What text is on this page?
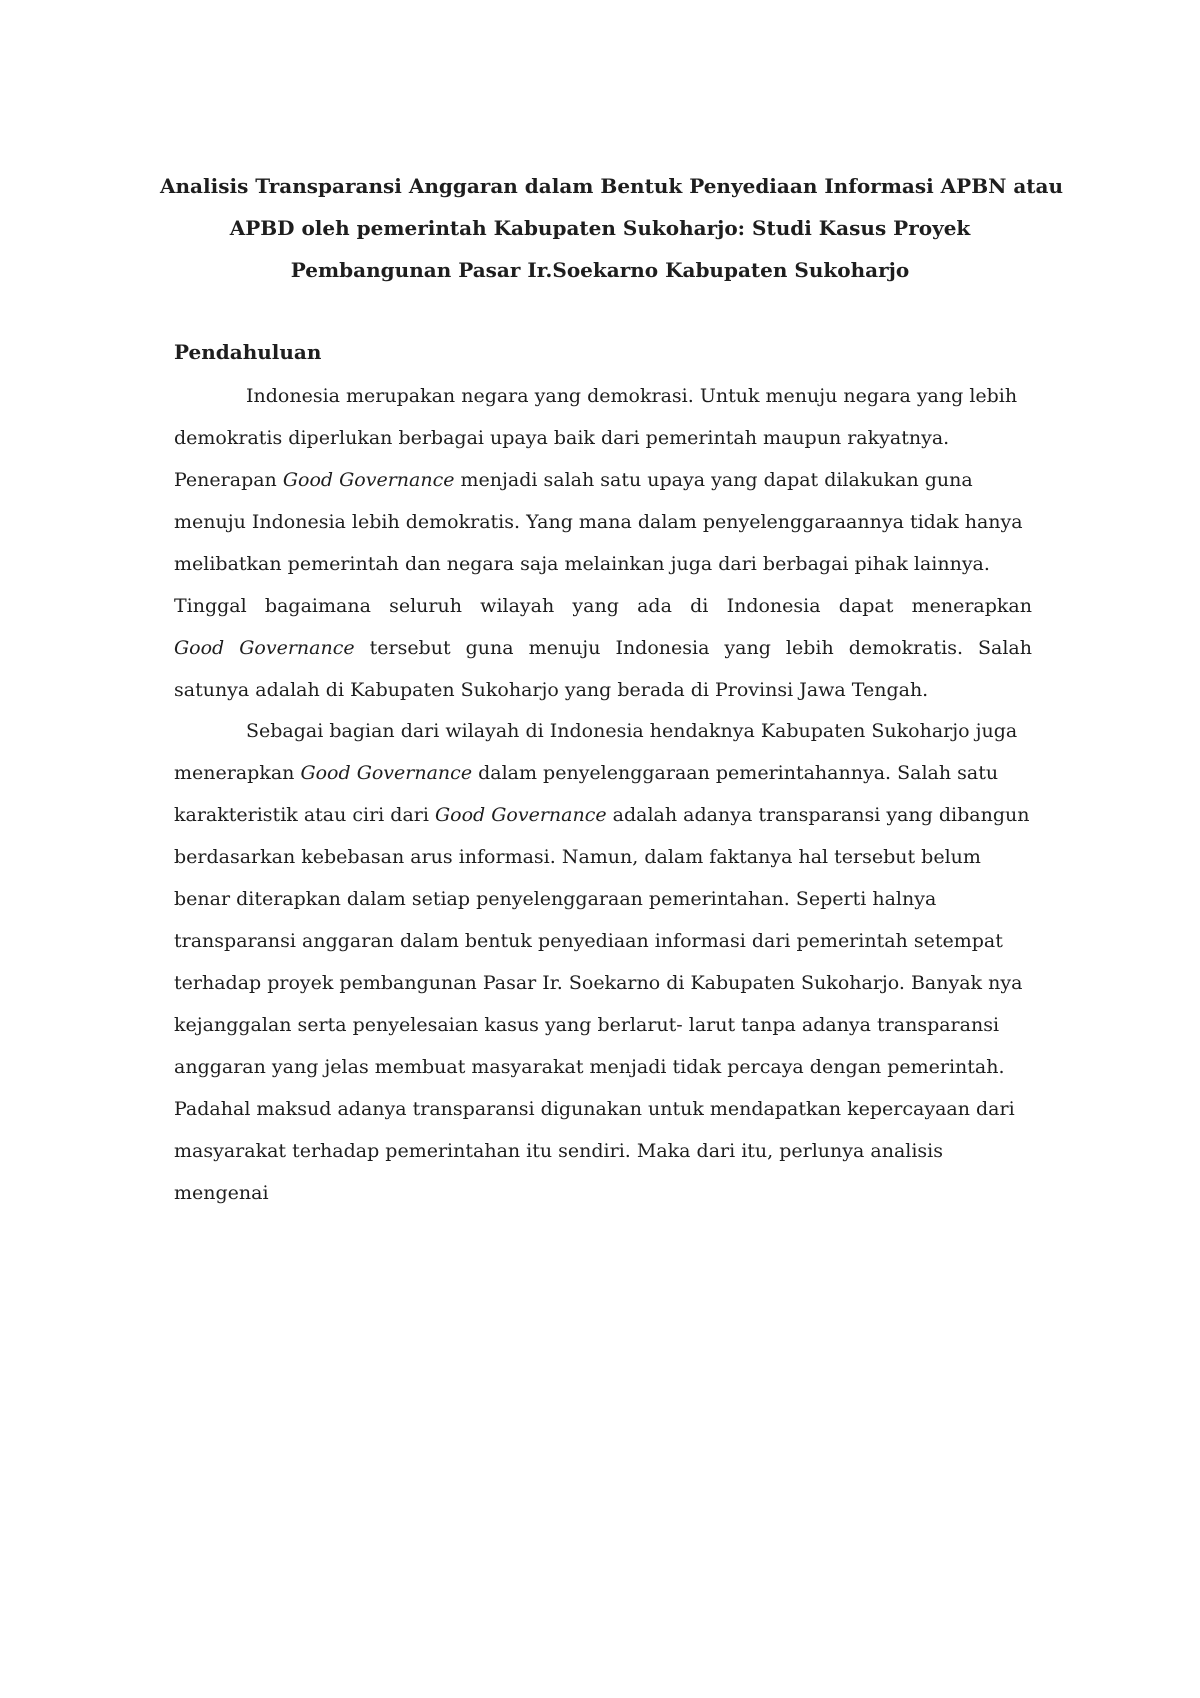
Analisis Transparansi Anggaran dalam Bentuk Penyediaan Informasi APBN atau
APBD oleh pemerintah Kabupaten Sukoharjo: Studi Kasus Proyek
Pembangunan Pasar Ir.Soekarno Kabupaten Sukoharjo
Pendahuluan
Indonesia merupakan negara yang demokrasi. Untuk menuju negara yang lebih
demokratis diperlukan berbagai upaya baik dari pemerintah maupun rakyatnya.
Penerapan Good Governance menjadi salah satu upaya yang dapat dilakukan guna
menuju Indonesia lebih demokratis. Yang mana dalam penyelenggaraannya tidak hanya
melibatkan pemerintah dan negara saja melainkan juga dari berbagai pihak lainnya.
Tinggal bagaimana seluruh wilayah yang ada di Indonesia dapat menerapkan
Good Governance tersebut guna menuju Indonesia yang lebih demokratis. Salah
satunya adalah di Kabupaten Sukoharjo yang berada di Provinsi Jawa Tengah.
Sebagai bagian dari wilayah di Indonesia hendaknya Kabupaten Sukoharjo juga
menerapkan Good Governance dalam penyelenggaraan pemerintahannya. Salah satu
karakteristik atau ciri dari Good Governance adalah adanya transparansi yang dibangun
berdasarkan kebebasan arus informasi. Namun, dalam faktanya hal tersebut belum
benar diterapkan dalam setiap penyelenggaraan pemerintahan. Seperti halnya
transparansi anggaran dalam bentuk penyediaan informasi dari pemerintah setempat
terhadap proyek pembangunan Pasar Ir. Soekarno di Kabupaten Sukoharjo. Banyak nya
kejanggalan serta penyelesaian kasus yang berlarut- larut tanpa adanya transparansi
anggaran yang jelas membuat masyarakat menjadi tidak percaya dengan pemerintah.
Padahal maksud adanya transparansi digunakan untuk mendapatkan kepercayaan dari
masyarakat terhadap pemerintahan itu sendiri. Maka dari itu, perlunya analisis
mengenai
